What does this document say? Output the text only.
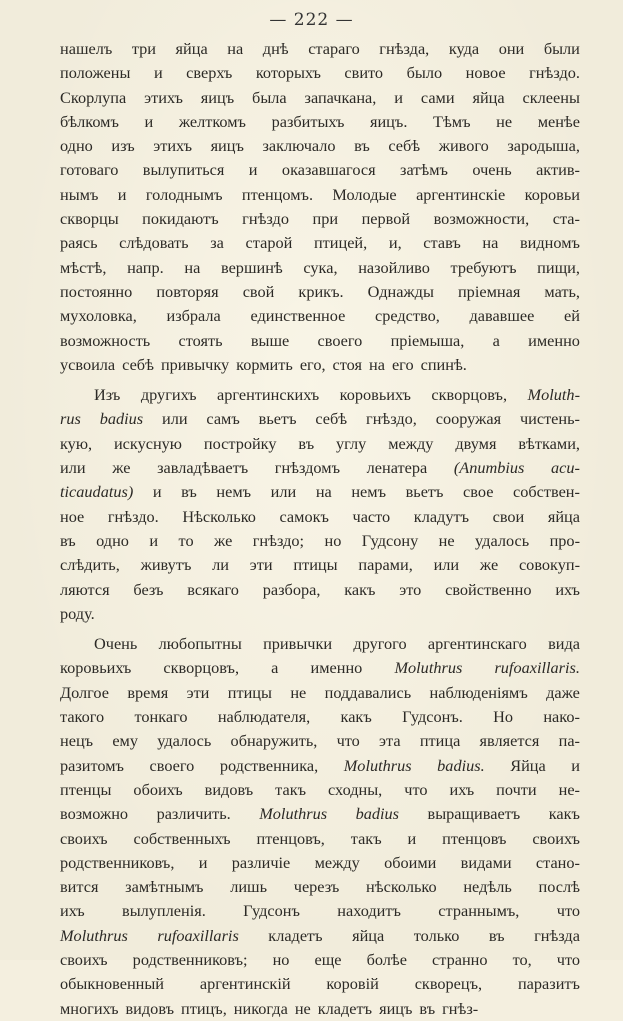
— 222 —
нашелъ три яйца на днѣ стараго гнѣзда, куда они были
положены и сверхъ которыхъ свито было новое гнѣздо.
Скорлупа этихъ яицъ была запачкана, и сами яйца склеены
бѣлкомъ и желткомъ разбитыхъ яицъ. Тѣмъ не менѣе
одно изъ этихъ яицъ заключало въ себѣ живого зародыша,
готоваго вылупиться и оказавшагося затѣмъ очень актив-
нымъ и голоднымъ птенцомъ. Молодые аргентинскіе коровьи
скворцы покидаютъ гнѣздо при первой возможности, ста-
раясь слѣдовать за старой птицей, и, ставъ на видномъ
мѣстѣ, напр. на вершинѣ сука, назойливо требуютъ пищи,
постоянно повторяя свой крикъ. Однажды пріемная мать,
мухоловка, избрала единственное средство, дававшее ей
возможность стоять выше своего пріемыша, а именно
усвоила себѣ привычку кормить его, стоя на его спинѣ.
Изъ другихъ аргентинскихъ коровьихъ скворцовъ, Moluth-
rus badius или самъ вьетъ себѣ гнѣздо, сооружая чистень-
кую, искусную постройку въ углу между двумя вѣтками,
или же завладѣваетъ гнѣздомъ ленатера (Anumbius acu-
ticaudatus) и въ немъ или на немъ вьетъ свое собствен-
ное гнѣздо. Нѣсколько самокъ часто кладутъ свои яйца
въ одно и то же гнѣздо; но Гудсону не удалось про-
слѣдить, живутъ ли эти птицы парами, или же совокуп-
ляются безъ всякаго разбора, какъ это свойственно ихъ
роду.
Очень любопытны привычки другого аргентинскаго вида
коровьихъ скворцовъ, а именно Moluthrus rufoaxillaris.
Долгое время эти птицы не поддавались наблюденіямъ даже
такого тонкаго наблюдателя, какъ Гудсонъ. Но нако-
нецъ ему удалось обнаружить, что эта птица является па-
разитомъ своего родственника, Moluthrus badius. Яйца и
птенцы обоихъ видовъ такъ сходны, что ихъ почти не-
возможно различить. Moluthrus badius выращиваетъ какъ
своихъ собственныхъ птенцовъ, такъ и птенцовъ своихъ
родственниковъ, и различіе между обоими видами стано-
вится замѣтнымъ лишь черезъ нѣсколько недѣль послѣ
ихъ вылупленія. Гудсонъ находитъ страннымъ, что
Moluthrus rufoaxillaris кладетъ яйца только въ гнѣзда
своихъ родственниковъ; но еще болѣе странно то, что
обыкновенный аргентинскій коровій скворецъ, паразитъ
многихъ видовъ птицъ, никогда не кладетъ яицъ въ гнѣз-
